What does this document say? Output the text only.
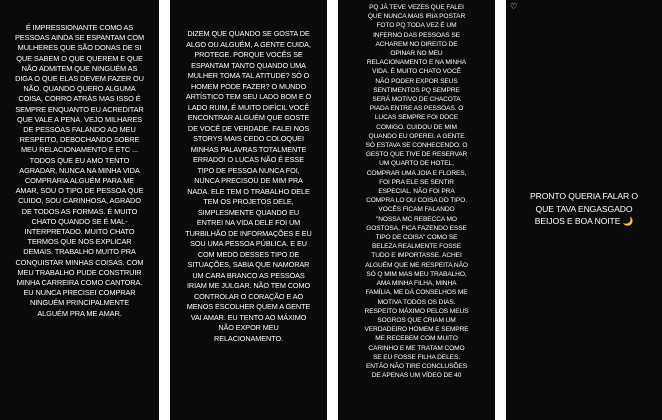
É IMPRESSIONANTE COMO AS
PESSOAS AINDA SE ESPANTAM COM
MULHERES QUE SÃO DONAS DE SI
QUE SABEM O QUE QUEREM E QUE
NÃO ADMITEM QUE NINGUÉM AS
DIGA O QUE ELAS DEVEM FAZER OU
NÃO. QUANDO QUERO ALGUMA
COISA, CORRO ATRÁS MAS ISSO É
SEMPRE ENQUANTO EU ACREDITAR
QUE VALE A PENA. VEJO MILHARES
DE PESSOAS FALANDO AO MEU
RESPEITO, DEBOCHANDO SOBRE
MEU RELACIONAMENTO E ETC ...
TODOS QUE EU AMO TENTO
AGRADAR, NUNCA NA MINHA VIDA
COMPRARIA ALGUÉM PARA ME
AMAR, SOU O TIPO DE PESSOA QUE
CUIDO, SOU CARINHOSA, AGRADO
DE TODOS AS FORMAS. É MUITO
CHATO QUANDO SE É MAL-
INTERPRETADO. MUITO CHATO
TERMOS QUE NOS EXPLICAR
DEMAIS. TRABALHO MUITO PRA
CONQUISTAR MINHAS COISAS. COM
MEU TRABALHO PUDE CONSTRUIR
MINHA CARREIRA COMO CANTORA.
EU NUNCA PRECISEI COMPRAR
NINGUÉM PRINCIPALMENTE
ALGUÉM PRA ME AMAR.
DIZEM QUE QUANDO SE GOSTA DE
ALGO OU ALGUÉM, A GENTE CUIDA,
PROTEGE. PORQUE VOCÊS SE
ESPANTAM TANTO QUANDO UMA
MULHER TOMA TAL ATITUDE? SÓ O
HOMEM PODE FAZER? O MUNDO
ARTÍSTICO TEM SEU LADO BOM E O
LADO RUIM, É MUITO DIFÍCIL VOCÊ
ENCONTRAR ALGUÉM QUE GOSTE
DE VOCÊ DE VERDADE. FALEI NOS
STORYS MAIS CEDO COLOQUEI
MINHAS PALAVRAS TOTALMENTE
ERRADO! O LUCAS NÃO É ESSE
TIPO DE PESSOA NUNCA FOI,
NUNCA PRECISOU DE MIM PRA
NADA. ELE TEM O TRABALHO DELE
TEM OS PROJETOS DELE,
SIMPLESMENTE QUANDO EU
ENTREI NA VIDA DELE FOI UM
TURBILHÃO DE INFORMAÇÕES E EU
SOU UMA PESSOA PÚBLICA. E EU
COM MEDO DESSES TIPO DE
SITUAÇÕES, SABIA QUE NAMORAR
UM CARA BRANCO AS PESSOAS
IRIAM ME JULGAR. NÃO TEM COMO
CONTROLAR O CORAÇÃO E AO
MENOS ESCOLHER QUEM A GENTE
VAI AMAR. EU TENTO AO MÁXIMO
NÃO EXPOR MEU
RELACIONAMENTO.
PQ JÁ TEVE VEZES QUE FALEI
QUE NUNCA MAIS IRIA POSTAR
FOTO PQ TODA VEZ É UM
INFERNO DAS PESSOAS SE
ACHAREM NO DIREITO DE
OPINAR NO MEU
RELACIONAMENTO E NA MINHA
VIDA. É MUITO CHATO VOCÊ
NÃO PODER EXPOR SEUS
SENTIMENTOS PQ SEMPRE
SERÁ MOTIVO DE CHACOTA
PIADA ENTRE AS PESSOAS. O
LUCAS SEMPRE FOI DOCE
COMIGO. CUIDOU DE MIM
QUANDO EU OPEREI. A GENTE
SÓ ESTAVA SE CONHECENDO. O
GESTO QUE TIVE DE RESERVAR
UM QUARTO DE HOTEL,
COMPRAR UMA JOIA E FLORES,
FOI PRA ELE SE SENTIR
ESPECIAL. NÃO FOI PRA
COMPRA LO OU COISA DO TIPO.
VOCÊS FICAM FALANDO
"NOSSA MC REBECCA MO
GOSTOSA, FICA FAZENDO ESSE
TIPO DE COISA" COMO SE
BELEZA REALMENTE FOSSE
TUDO E IMPORTASSE. ACHEI
ALGUÉM QUE ME RESPEITA NÃO
SÓ Q MIM MAS MEU TRABALHO,
AMA MINHA FILHA, MINHA
FAMÍLIA, ME DÁ CONSELHOS ME
MOTIVA TODOS OS DIAS.
RESPEITO MÁXIMO PELOS MEUS
SOGROS QUE CRIAM UM
VERDADEIRO HOMEM E SEMPRE
ME RECEBEM COM MUITO
CARINHO E ME TRATAM COMO
SE EU FOSSE FILHA DELES.
ENTÃO NÃO TIRE CONCLUSÕES
DE APENAS UM VÍDEO DE 40
♡
PRONTO QUERIA FALAR O
QUE TAVA ENGASGADO
BEIJOS E BOA NOITE 🌙
